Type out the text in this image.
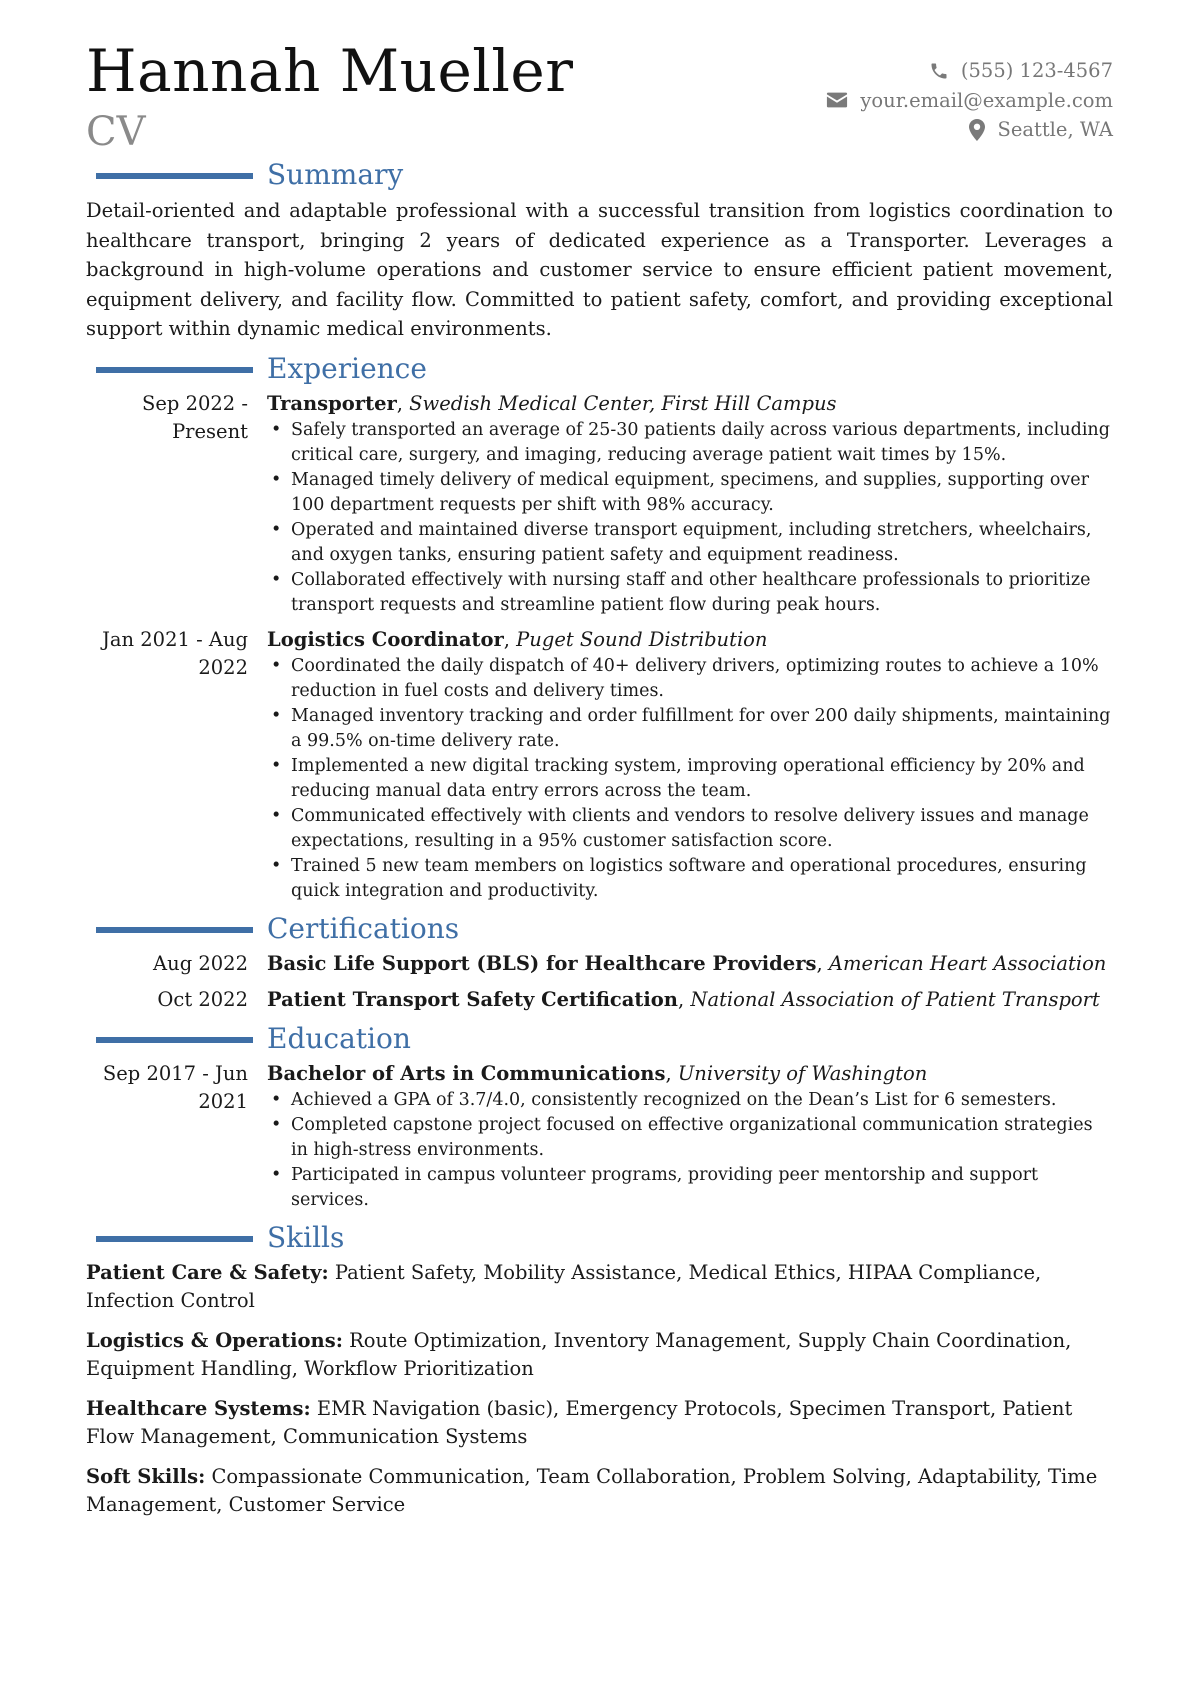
Hannah Mueller
CV
(555) 123-4567
your.email@example.com
Seattle, WA
Summary

Detail-oriented and adaptable professional with a successful transition from logistics coordination to healthcare transport, bringing 2 years of dedicated experience as a Transporter. Leverages a background in high-volume operations and customer service to ensure efficient patient movement, equipment delivery, and facility flow. Committed to patient safety, comfort, and providing exceptional support within dynamic medical environments.

Experience
Sep 2022 - Present

Transporter, Swedish Medical Center, First Hill Campus

• Safely transported an average of 25-30 patients daily across various departments, including critical care, surgery, and imaging, reducing average patient wait times by 15%.
• Managed timely delivery of medical equipment, specimens, and supplies, supporting over 100 department requests per shift with 98% accuracy.
• Operated and maintained diverse transport equipment, including stretchers, wheelchairs, and oxygen tanks, ensuring patient safety and equipment readiness.
• Collaborated effectively with nursing staff and other healthcare professionals to prioritize transport requests and streamline patient flow during peak hours.
Jan 2021 - Aug 2022

Logistics Coordinator, Puget Sound Distribution

• Coordinated the daily dispatch of 40+ delivery drivers, optimizing routes to achieve a 10% reduction in fuel costs and delivery times.
• Managed inventory tracking and order fulfillment for over 200 daily shipments, maintaining a 99.5% on-time delivery rate.
• Implemented a new digital tracking system, improving operational efficiency by 20% and reducing manual data entry errors across the team.
• Communicated effectively with clients and vendors to resolve delivery issues and manage expectations, resulting in a 95% customer satisfaction score.
• Trained 5 new team members on logistics software and operational procedures, ensuring quick integration and productivity.
Certifications
Aug 2022 Basic Life Support (BLS) for Healthcare Providers, American Heart Association

Oct 2022 Patient Transport Safety Certification, National Association of Patient Transport

Education
Sep 2017 - Jun 2021

Bachelor of Arts in Communications, University of Washington

• Achieved a GPA of 3.7/4.0, consistently recognized on the Dean’s List for 6 semesters.
• Completed capstone project focused on effective organizational communication strategies in high-stress environments.
• Participated in campus volunteer programs, providing peer mentorship and support services.
Skills

Patient Care & Safety: Patient Safety, Mobility Assistance, Medical Ethics, HIPAA Compliance, Infection Control

Logistics & Operations: Route Optimization, Inventory Management, Supply Chain Coordination, Equipment Handling, Workflow Prioritization

Healthcare Systems: EMR Navigation (basic), Emergency Protocols, Specimen Transport, Patient Flow Management, Communication Systems

Soft Skills: Compassionate Communication, Team Collaboration, Problem Solving, Adaptability, Time Management, Customer Service
